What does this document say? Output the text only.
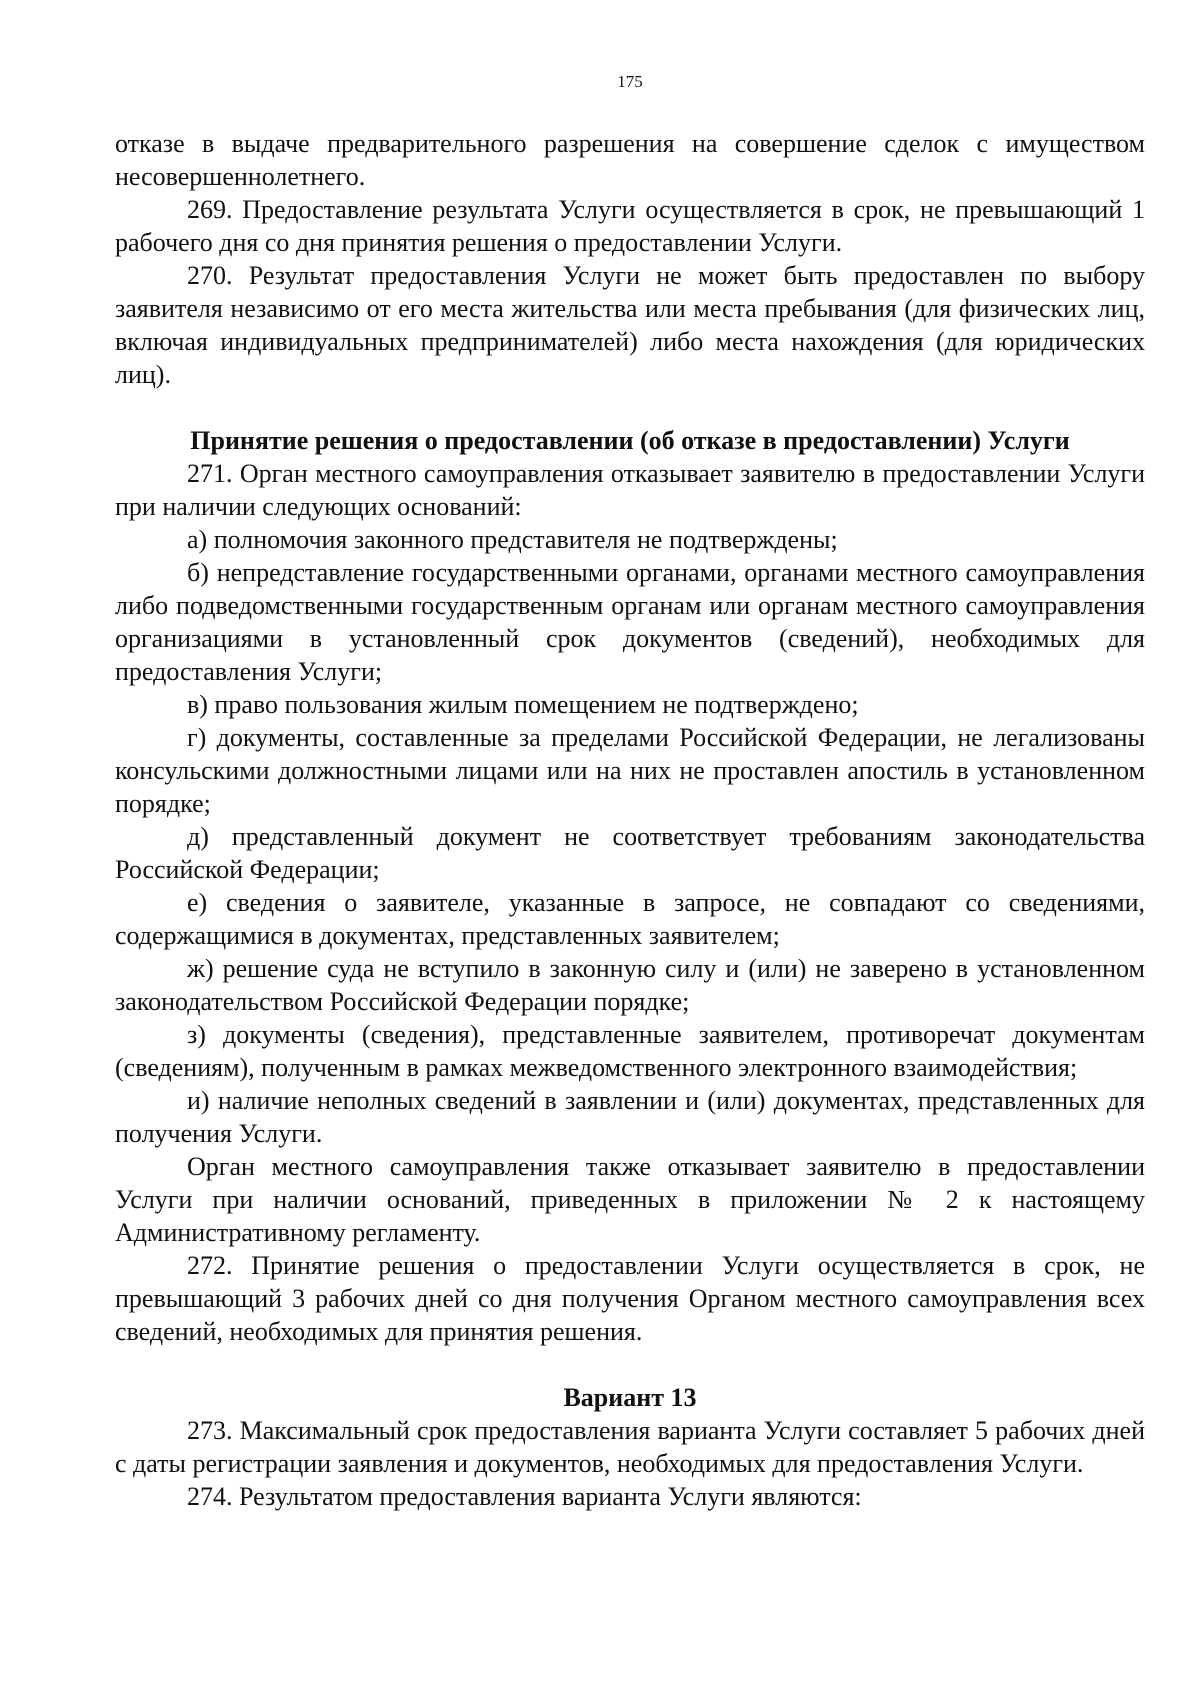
175

отказе в выдаче предварительного разрешения на совершение сделок с имуществом несовершеннолетнего.

269. Предоставление результата Услуги осуществляется в срок, не превышающий 1 рабочего дня со дня принятия решения о предоставлении Услуги.

270. Результат предоставления Услуги не может быть предоставлен по выбору заявителя независимо от его места жительства или места пребывания (для физических лиц, включая индивидуальных предпринимателей) либо места нахождения (для юридических лиц).

Принятие решения о предоставлении (об отказе в предоставлении) Услуги

271. Орган местного самоуправления отказывает заявителю в предоставлении Услуги при наличии следующих оснований:

а) полномочия законного представителя не подтверждены;

б) непредставление государственными органами, органами местного самоуправления либо подведомственными государственным органам или органам местного самоуправления организациями в установленный срок документов (сведений), необходимых для предоставления Услуги;

в) право пользования жилым помещением не подтверждено;

г) документы, составленные за пределами Российской Федерации, не легализованы консульскими должностными лицами или на них не проставлен апостиль в установленном порядке;

д) представленный документ не соответствует требованиям законодательства Российской Федерации;

е) сведения о заявителе, указанные в запросе, не совпадают со сведениями, содержащимися в документах, представленных заявителем;

ж) решение суда не вступило в законную силу и (или) не заверено в установленном законодательством Российской Федерации порядке;

з) документы (сведения), представленные заявителем, противоречат документам (сведениям), полученным в рамках межведомственного электронного взаимодействия;

и) наличие неполных сведений в заявлении и (или) документах, представленных для получения Услуги.

Орган местного самоуправления также отказывает заявителю в предоставлении Услуги при наличии оснований, приведенных в приложении № 2 к настоящему Административному регламенту.

272. Принятие решения о предоставлении Услуги осуществляется в срок, не превышающий 3 рабочих дней со дня получения Органом местного самоуправления всех сведений, необходимых для принятия решения.

Вариант 13

273. Максимальный срок предоставления варианта Услуги составляет 5 рабочих дней с даты регистрации заявления и документов, необходимых для предоставления Услуги.

274. Результатом предоставления варианта Услуги являются:
